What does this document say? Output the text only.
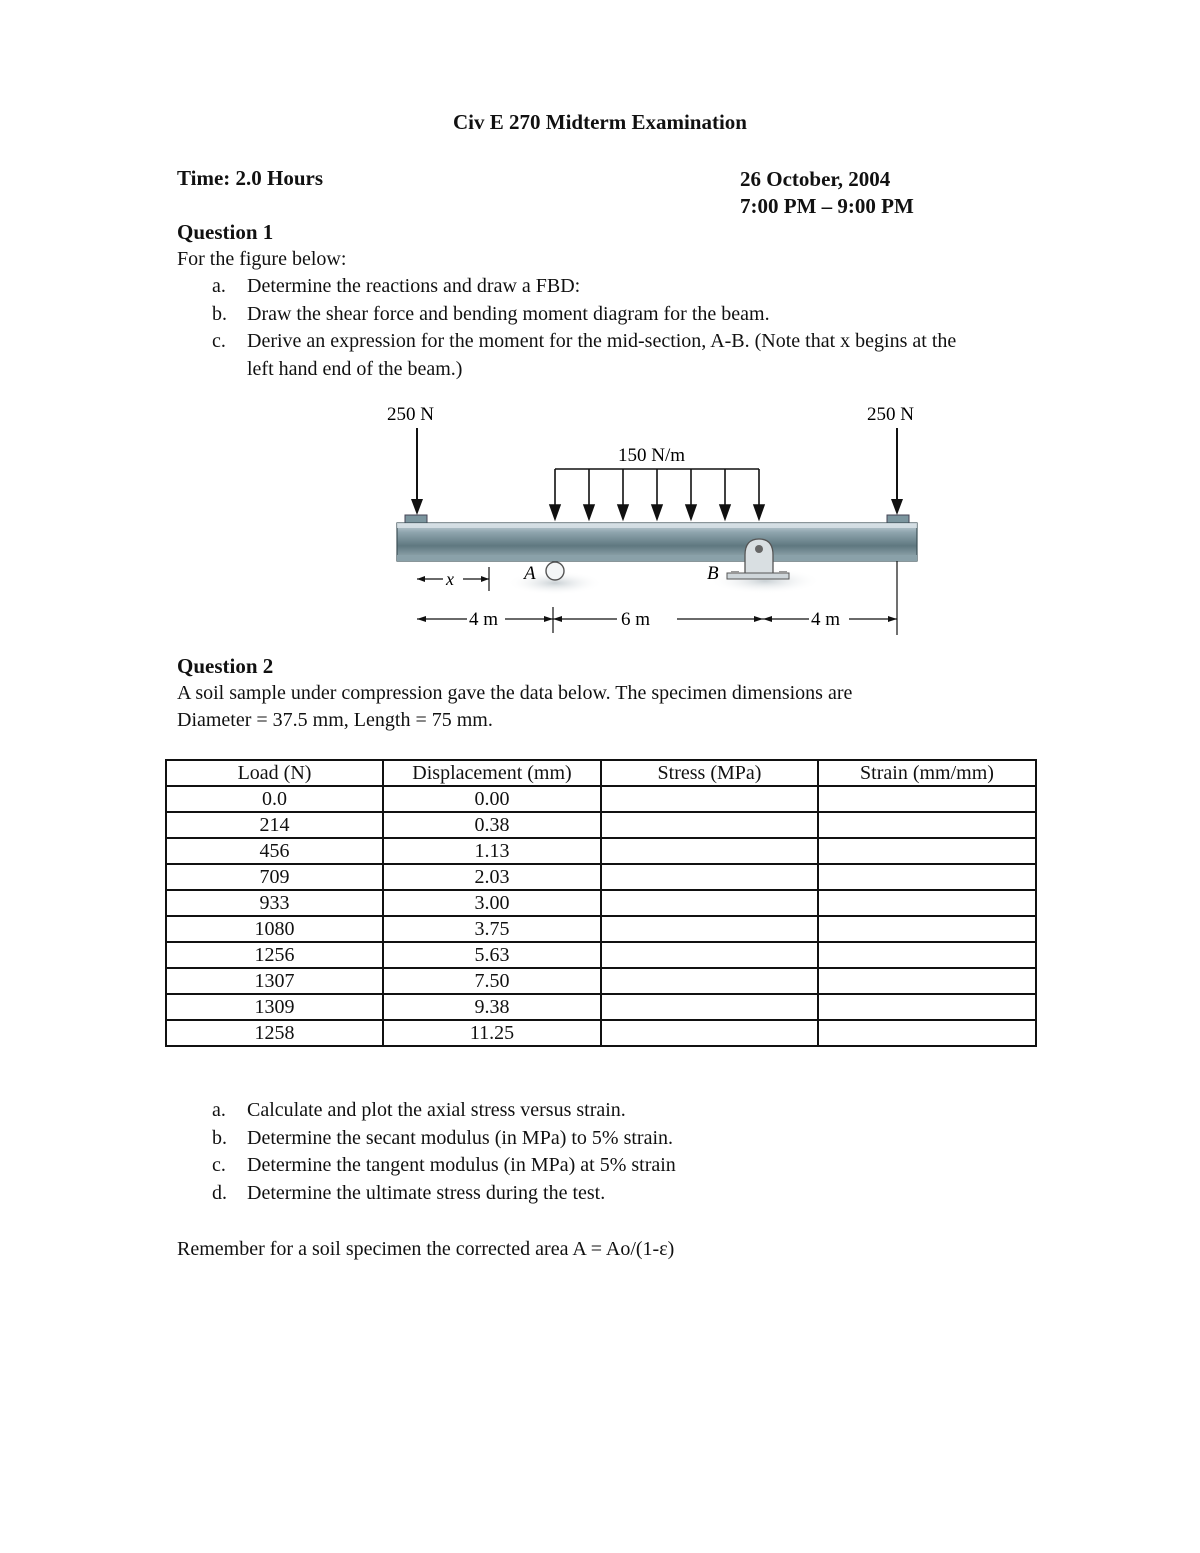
Civ E 270 Midterm Examination
Time: 2.0 Hours	26 October, 2004
7:00 PM – 9:00 PM
Question 1
For the figure below:
a. Determine the reactions and draw a FBD:
b. Draw the shear force and bending moment diagram for the beam.
c. Derive an expression for the moment for the mid-section, A-B. (Note that x begins at the left hand end of the beam.)
250 N	250 N
150 N/m
A	B
x
4 m	6 m	4 m
Question 2
A soil sample under compression gave the data below. The specimen dimensions are
Diameter = 37.5 mm, Length = 75 mm.
Load (N)	Displacement (mm)	Stress (MPa)	Strain (mm/mm)
0.0	0.00		
214	0.38		
456	1.13		
709	2.03		
933	3.00		
1080	3.75		
1256	5.63		
1307	7.50		
1309	9.38		
1258	11.25		
a. Calculate and plot the axial stress versus strain.
b. Determine the secant modulus (in MPa) to 5% strain.
c. Determine the tangent modulus (in MPa) at 5% strain
d. Determine the ultimate stress during the test.
Remember for a soil specimen the corrected area A = Ao/(1-ε)
